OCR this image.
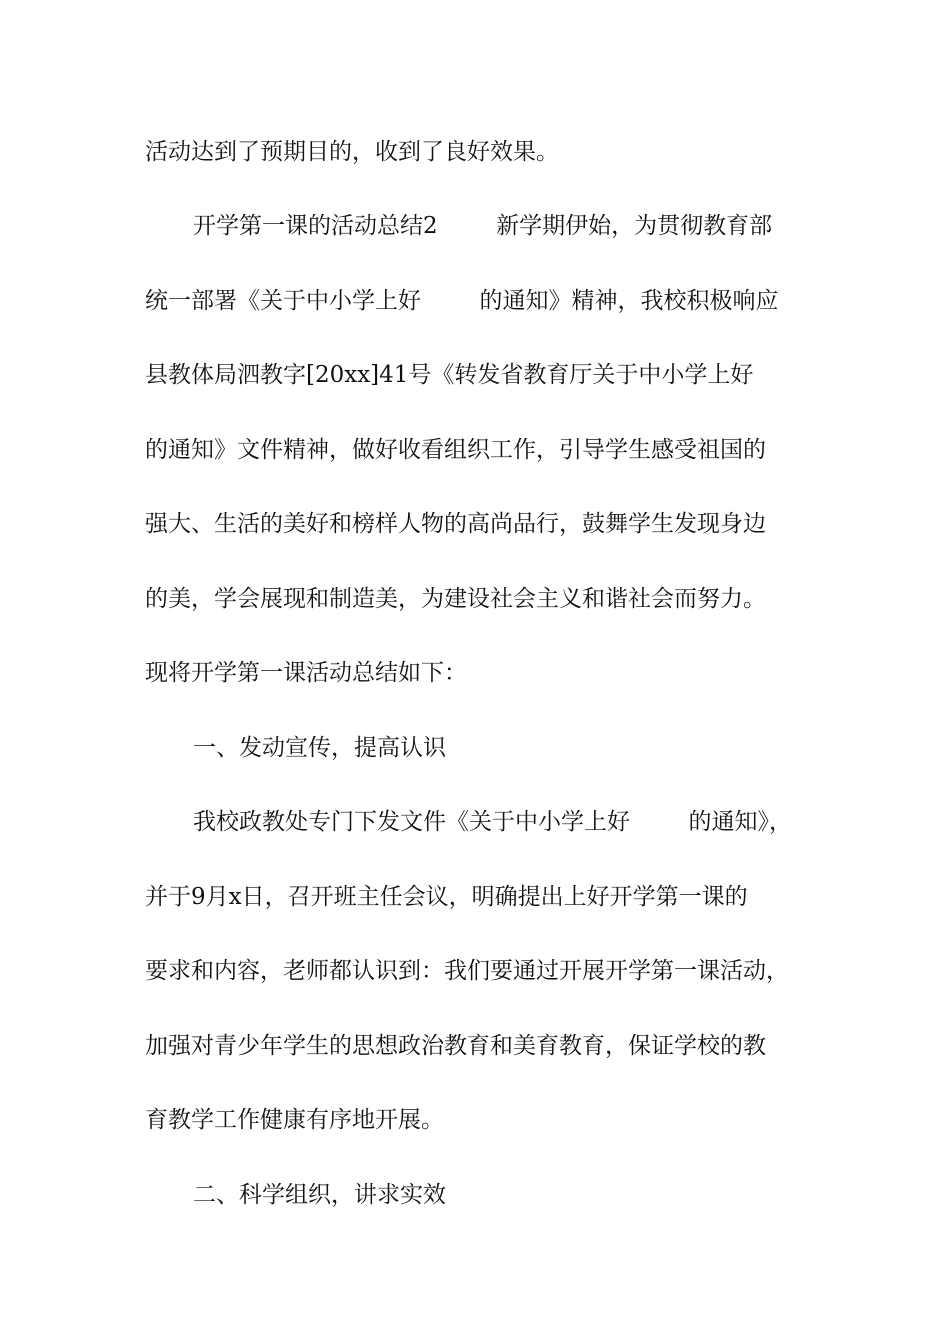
活动达到了预期目的，收到了良好效果。
开学第一课的活动总结2        新学期伊始，为贯彻教育部
统一部署《关于中小学上好        的通知》精神，我校积极响应
县教体局泗教字[20xx]41号《转发省教育厅关于中小学上好
的通知》文件精神，做好收看组织工作，引导学生感受祖国的
强大、生活的美好和榜样人物的高尚品行，鼓舞学生发现身边
的美，学会展现和制造美，为建设社会主义和谐社会而努力。
现将开学第一课活动总结如下：
一、发动宣传，提高认识
我校政教处专门下发文件《关于中小学上好        的通知》，
并于9月x日，召开班主任会议，明确提出上好开学第一课的
要求和内容，老师都认识到：我们要通过开展开学第一课活动，
加强对青少年学生的思想政治教育和美育教育，保证学校的教
育教学工作健康有序地开展。
二、科学组织，讲求实效
